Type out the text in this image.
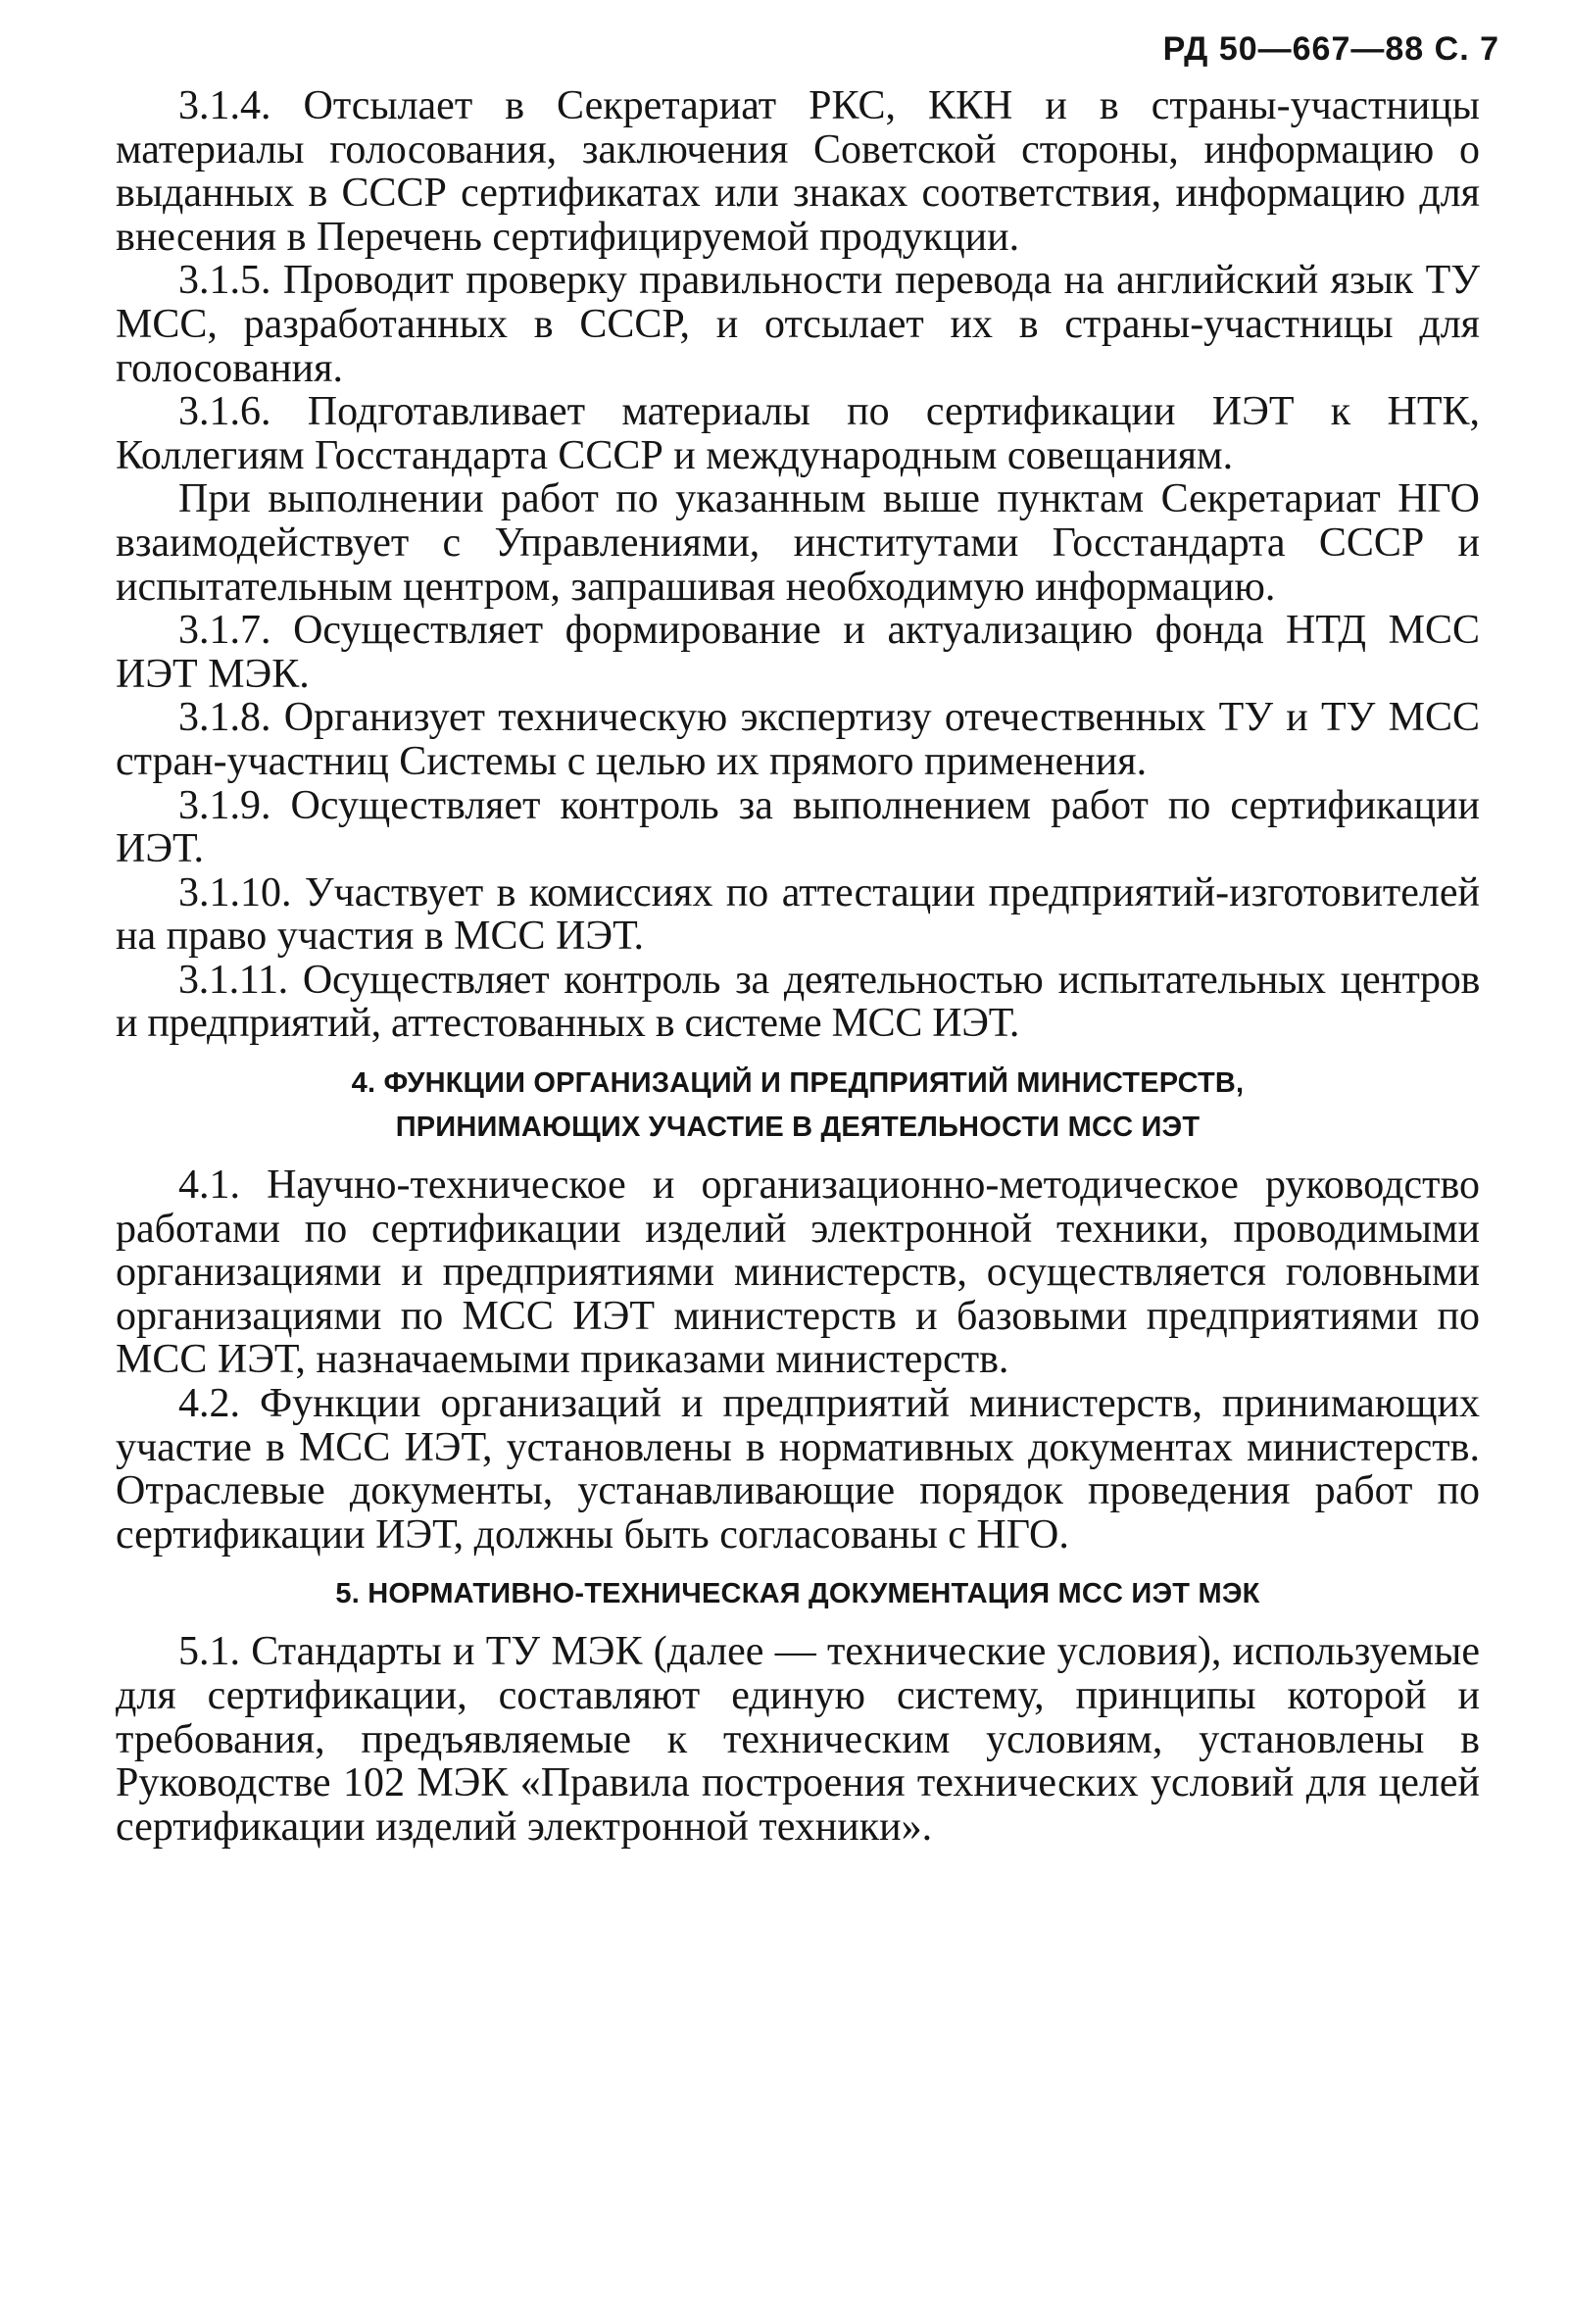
РД 50—667—88 С. 7

3.1.4. Отсылает в Секретариат РКС, ККН и в страны-участницы материалы голосования, заключения Советской стороны, информацию о выданных в СССР сертификатах или знаках соответствия, информацию для внесения в Перечень сертифицируемой продукции.

3.1.5. Проводит проверку правильности перевода на английский язык ТУ МСС, разработанных в СССР, и отсылает их в страны-участницы для голосования.

3.1.6. Подготавливает материалы по сертификации ИЭТ к НТК, Коллегиям Госстандарта СССР и международным совещаниям.

При выполнении работ по указанным выше пунктам Секретариат НГО взаимодействует с Управлениями, институтами Госстандарта СССР и испытательным центром, запрашивая необходимую информацию.

3.1.7. Осуществляет формирование и актуализацию фонда НТД МСС ИЭТ МЭК.

3.1.8. Организует техническую экспертизу отечественных ТУ и ТУ МСС стран-участниц Системы с целью их прямого применения.

3.1.9. Осуществляет контроль за выполнением работ по сертификации ИЭТ.

3.1.10. Участвует в комиссиях по аттестации предприятий-изготовителей на право участия в МСС ИЭТ.

3.1.11. Осуществляет контроль за деятельностью испытательных центров и предприятий, аттестованных в системе МСС ИЭТ.

4. ФУНКЦИИ ОРГАНИЗАЦИЙ И ПРЕДПРИЯТИЙ МИНИСТЕРСТВ,
ПРИНИМАЮЩИХ УЧАСТИЕ В ДЕЯТЕЛЬНОСТИ МСС ИЭТ

4.1. Научно-техническое и организационно-методическое руководство работами по сертификации изделий электронной техники, проводимыми организациями и предприятиями министерств, осуществляется головными организациями по МСС ИЭТ министерств и базовыми предприятиями по МСС ИЭТ, назначаемыми приказами министерств.

4.2. Функции организаций и предприятий министерств, принимающих участие в МСС ИЭТ, установлены в нормативных документах министерств. Отраслевые документы, устанавливающие порядок проведения работ по сертификации ИЭТ, должны быть согласованы с НГО.

5. НОРМАТИВНО-ТЕХНИЧЕСКАЯ ДОКУМЕНТАЦИЯ МСС ИЭТ МЭК

5.1. Стандарты и ТУ МЭК (далее — технические условия), используемые для сертификации, составляют единую систему, принципы которой и требования, предъявляемые к техническим условиям, установлены в Руководстве 102 МЭК «Правила построения технических условий для целей сертификации изделий электронной техники».
